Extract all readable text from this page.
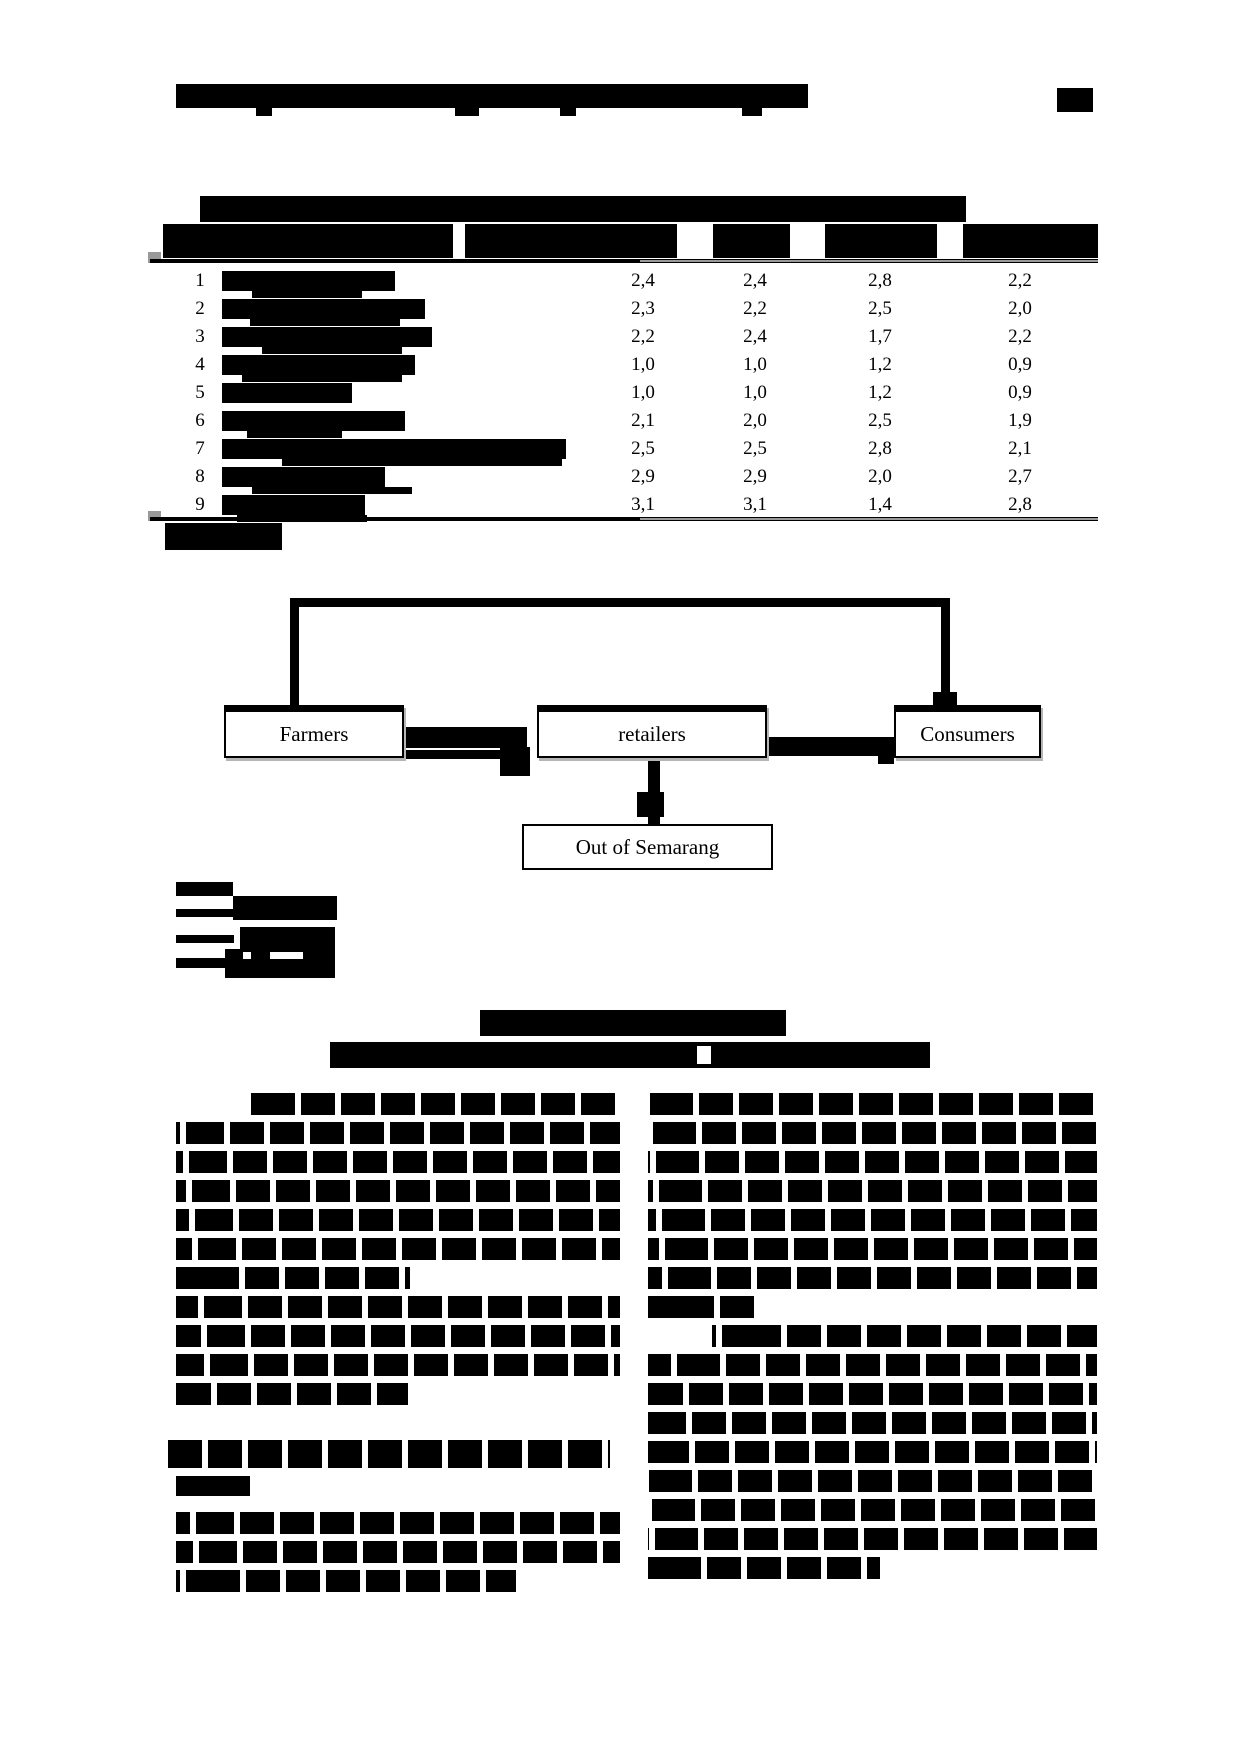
Farmers	retailers	Consumers
Out of Semarang
1	2,4	2,4	2,8	2,2
2	2,3	2,2	2,5	2,0
3	2,2	2,4	1,7	2,2
4	1,0	1,0	1,2	0,9
5	1,0	1,0	1,2	0,9
6	2,1	2,0	2,5	1,9
7	2,5	2,5	2,8	2,1
8	2,9	2,9	2,0	2,7
9	3,1	3,1	1,4	2,8
